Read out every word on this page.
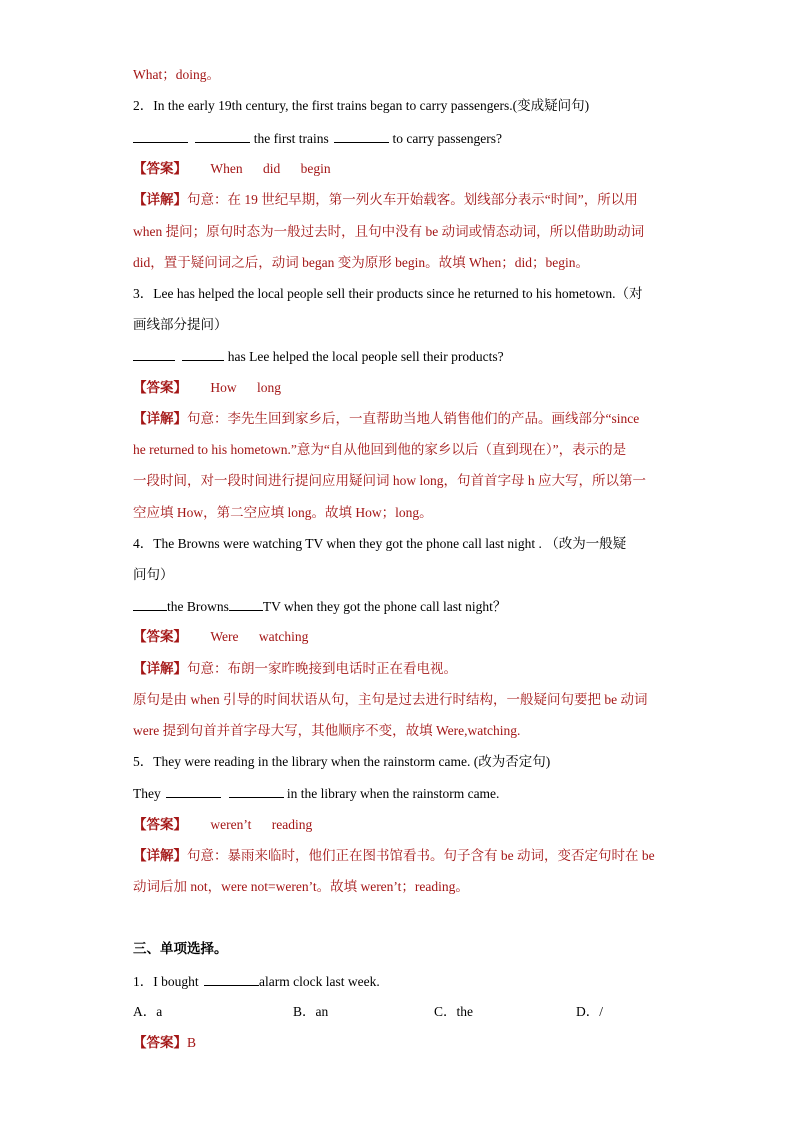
What；doing。
2．In the early 19th century, the first trains began to carry passengers.(变成疑问句)
the first trains	to carry passengers?
【答案】 When did begin
【详解】句意：在 19 世纪早期，第一列火车开始载客。划线部分表示“时间”，所以用
when 提问；原句时态为一般过去时，且句中没有 be 动词或情态动词，所以借助助动词
did，置于疑问词之后，动词 began 变为原形 begin。故填 When；did；begin。
3．Lee has helped the local people sell their products since he returned to his hometown.（对
画线部分提问）
has Lee helped the local people sell their products?
【答案】 How long
【详解】句意：李先生回到家乡后，一直帮助当地人销售他们的产品。画线部分“since
he returned to his hometown.”意为“自从他回到他的家乡以后（直到现在）”，表示的是
一段时间，对一段时间进行提问应用疑问词 how long，句首首字母 h 应大写，所以第一
空应填 How，第二空应填 long。故填 How；long。
4．The Browns were watching TV when they got the phone call last night . （改为一般疑
问句）
the Browns	TV when they got the phone call last night？
【答案】 Were watching
【详解】句意：布朗一家昨晚接到电话时正在看电视。
原句是由 when 引导的时间状语从句，主句是过去进行时结构，一般疑问句要把 be 动词
were 提到句首并首字母大写，其他顺序不变，故填 Were,watching.
5．They were reading in the library when the rainstorm came. (改为否定句)
They	in the library when the rainstorm came.
【答案】 weren’t reading
【详解】句意：暴雨来临时，他们正在图书馆看书。句子含有 be 动词，变否定句时在 be
动词后加 not，were not=weren’t。故填 weren’t；reading。
三、单项选择。
1．I bought	alarm clock last week.
A．a	B．an	C．the	D．/
【答案】B
